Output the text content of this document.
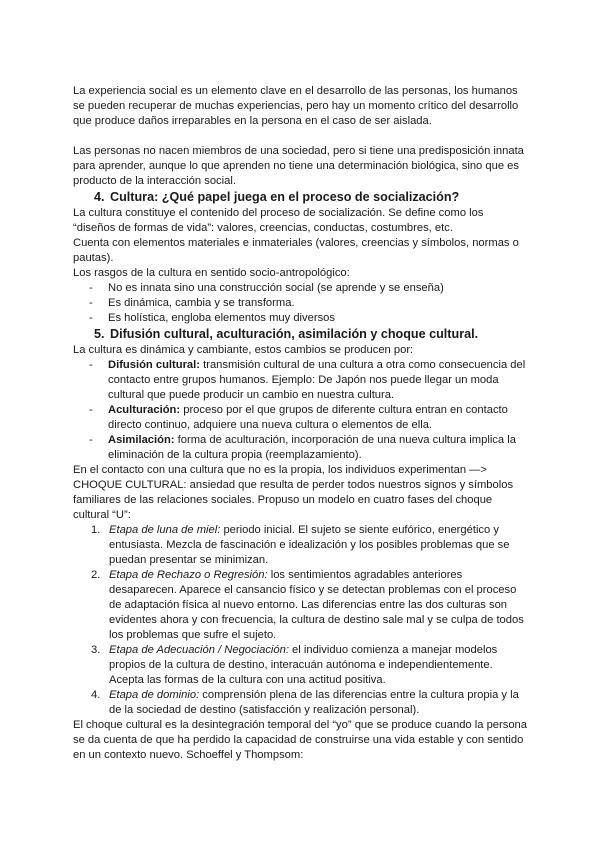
La experiencia social es un elemento clave en el desarrollo de las personas, los humanos se pueden recuperar de muchas experiencias, pero hay un momento crítico del desarrollo que produce daños irreparables en la persona en el caso de ser aislada.

Las personas no nacen miembros de una sociedad, pero si tiene una predisposición innata para aprender, aunque lo que aprenden no tiene una determinación biológica, sino que es producto de la interacción social.

4. Cultura: ¿Qué papel juega en el proceso de socialización?

La cultura constituye el contenido del proceso de socialización. Se define como los “diseños de formas de vida”: valores, creencias, conductas, costumbres, etc.

Cuenta con elementos materiales e inmateriales (valores, creencias y símbolos, normas o pautas).

Los rasgos de la cultura en sentido socio-antropológico:

-	No es innata sino una construcción social (se aprende y se enseña)
-	Es dinámica, cambia y se transforma.
-	Es holística, engloba elementos muy diversos
5. Difusión cultural, aculturación, asimilación y choque cultural.

La cultura es dinámica y cambiante, estos cambios se producen por:

-	Difusión cultural: transmisión cultural de una cultura a otra como consecuencia del contacto entre grupos humanos. Ejemplo: De Japón nos puede llegar un moda cultural que puede producir un cambio en nuestra cultura.
-	Aculturación: proceso por el que grupos de diferente cultura entran en contacto directo continuo, adquiere una nueva cultura o elementos de ella.
-	Asimilación: forma de aculturación, incorporación de una nueva cultura implica la eliminación de la cultura propia (reemplazamiento).

En el contacto con una cultura que no es la propia, los individuos experimentan —> CHOQUE CULTURAL: ansiedad que resulta de perder todos nuestros signos y símbolos familiares de las relaciones sociales. Propuso un modelo en cuatro fases del choque cultural “U”:

1. Etapa de luna de miel: periodo inicial. El sujeto se siente eufórico, energético y entusiasta. Mezcla de fascinación e idealización y los posibles problemas que se puedan presentar se minimizan.
2. Etapa de Rechazo o Regresión: los sentimientos agradables anteriores desaparecen. Aparece el cansancio físico y se detectan problemas con el proceso de adaptación física al nuevo entorno. Las diferencias entre las dos culturas son evidentes ahora y con frecuencia, la cultura de destino sale mal y se culpa de todos los problemas que sufre el sujeto.
3. Etapa de Adecuación / Negociación: el individuo comienza a manejar modelos propios de la cultura de destino, interacuán autónoma e independientemente. Acepta las formas de la cultura con una actitud positiva.
4. Etapa de dominio: comprensión plena de las diferencias entre la cultura propia y la de la sociedad de destino (satisfacción y realización personal).

El choque cultural es la desintegración temporal del “yo” que se produce cuando la persona se da cuenta de que ha perdido la capacidad de construirse una vida estable y con sentido en un contexto nuevo. Schoeffel y Thompsom:
